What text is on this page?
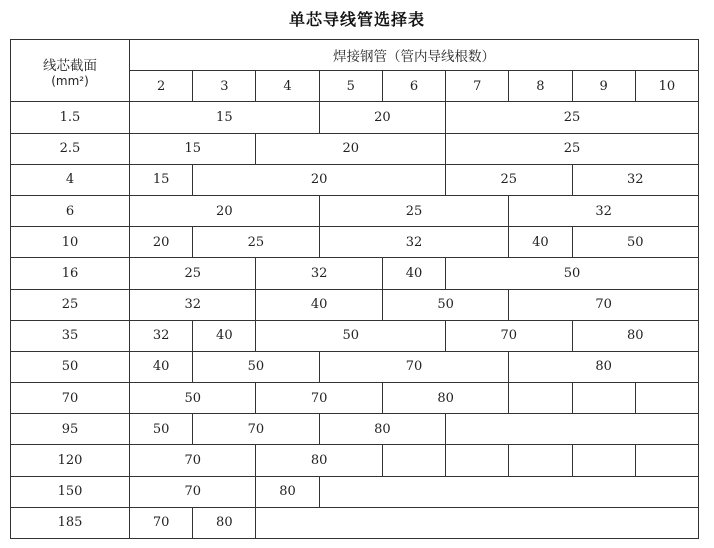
单芯导线管选择表
线芯截面
(mm²)	焊接钢管（管内导线根数）								
	2	3	4	5	6	7	8	9	10
1.5	15			20		25			
2.5	15		20			25			
4	15	20				25		32	
6	20			25			32		
10	20	25		32			40	50	
16	25		32		40	50			
25	32		40		50		70		
35	32	40	50			70		80	
50	40	50		70			80		
70	50		70		80				
95	50	70		80					
120	70		80						
150	70		80						
185	70	80							
